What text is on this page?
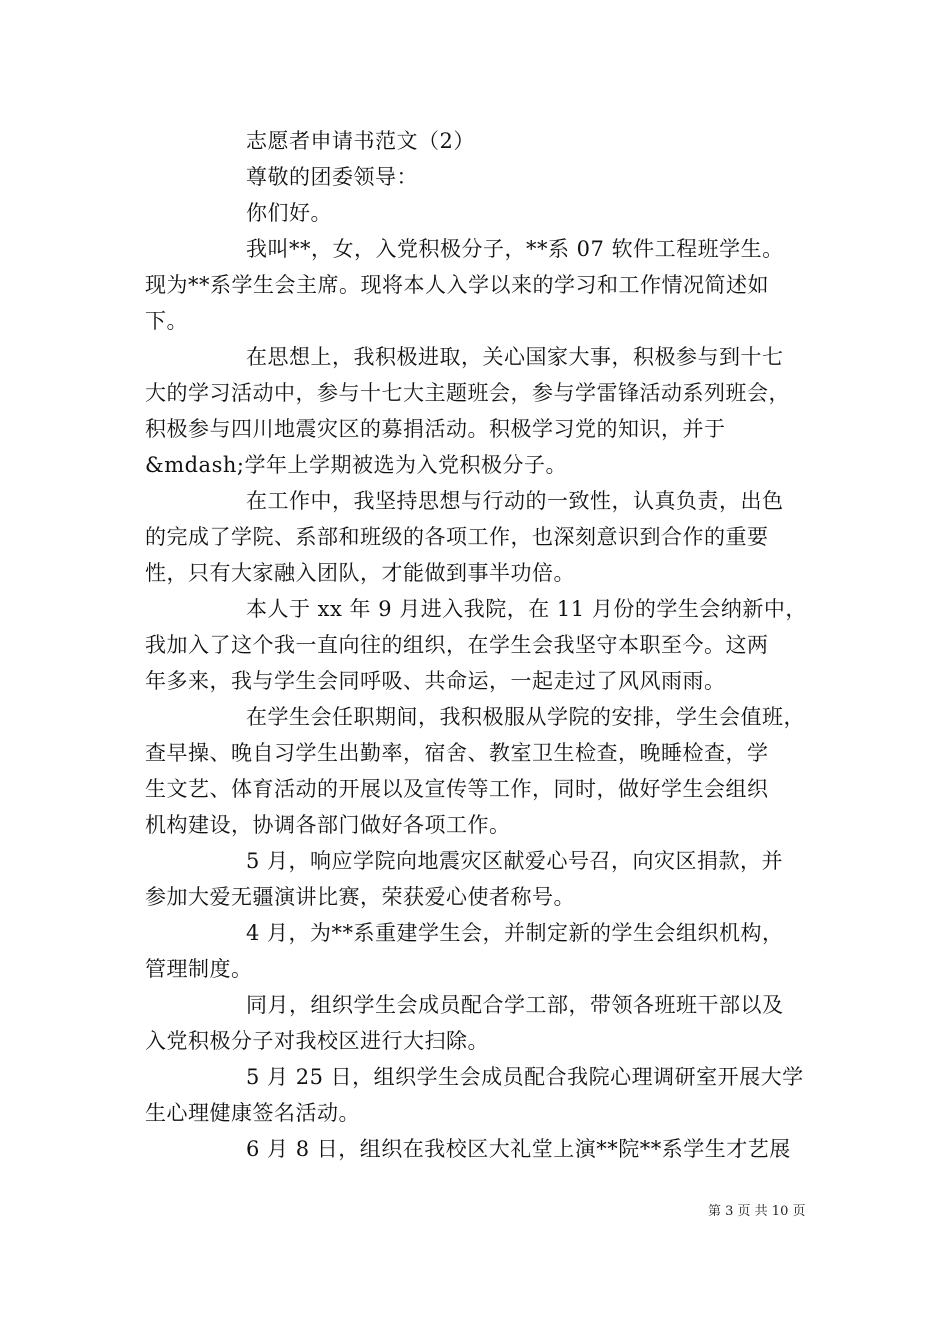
志愿者申请书范文（2）
尊敬的团委领导：
你们好。
我叫**，女，入党积极分子，**系 07 软件工程班学生。
现为**系学生会主席。现将本人入学以来的学习和工作情况简述如
下。
在思想上，我积极进取，关心国家大事，积极参与到十七
大的学习活动中，参与十七大主题班会，参与学雷锋活动系列班会，
积极参与四川地震灾区的募捐活动。积极学习党的知识，并于
&mdash;学年上学期被选为入党积极分子。
在工作中，我坚持思想与行动的一致性，认真负责，出色
的完成了学院、系部和班级的各项工作，也深刻意识到合作的重要
性，只有大家融入团队，才能做到事半功倍。
本人于 xx 年 9 月进入我院，在 11 月份的学生会纳新中，
我加入了这个我一直向往的组织，在学生会我坚守本职至今。这两
年多来，我与学生会同呼吸、共命运，一起走过了风风雨雨。
在学生会任职期间，我积极服从学院的安排，学生会值班，
查早操、晚自习学生出勤率，宿舍、教室卫生检查，晚睡检查，学
生文艺、体育活动的开展以及宣传等工作，同时，做好学生会组织
机构建设，协调各部门做好各项工作。
5 月，响应学院向地震灾区献爱心号召，向灾区捐款，并
参加大爱无疆演讲比赛，荣获爱心使者称号。
4 月，为**系重建学生会，并制定新的学生会组织机构，
管理制度。
同月，组织学生会成员配合学工部，带领各班班干部以及
入党积极分子对我校区进行大扫除。
5 月 25 日，组织学生会成员配合我院心理调研室开展大学
生心理健康签名活动。
6 月 8 日，组织在我校区大礼堂上演**院**系学生才艺展
第 3 页 共 10 页
